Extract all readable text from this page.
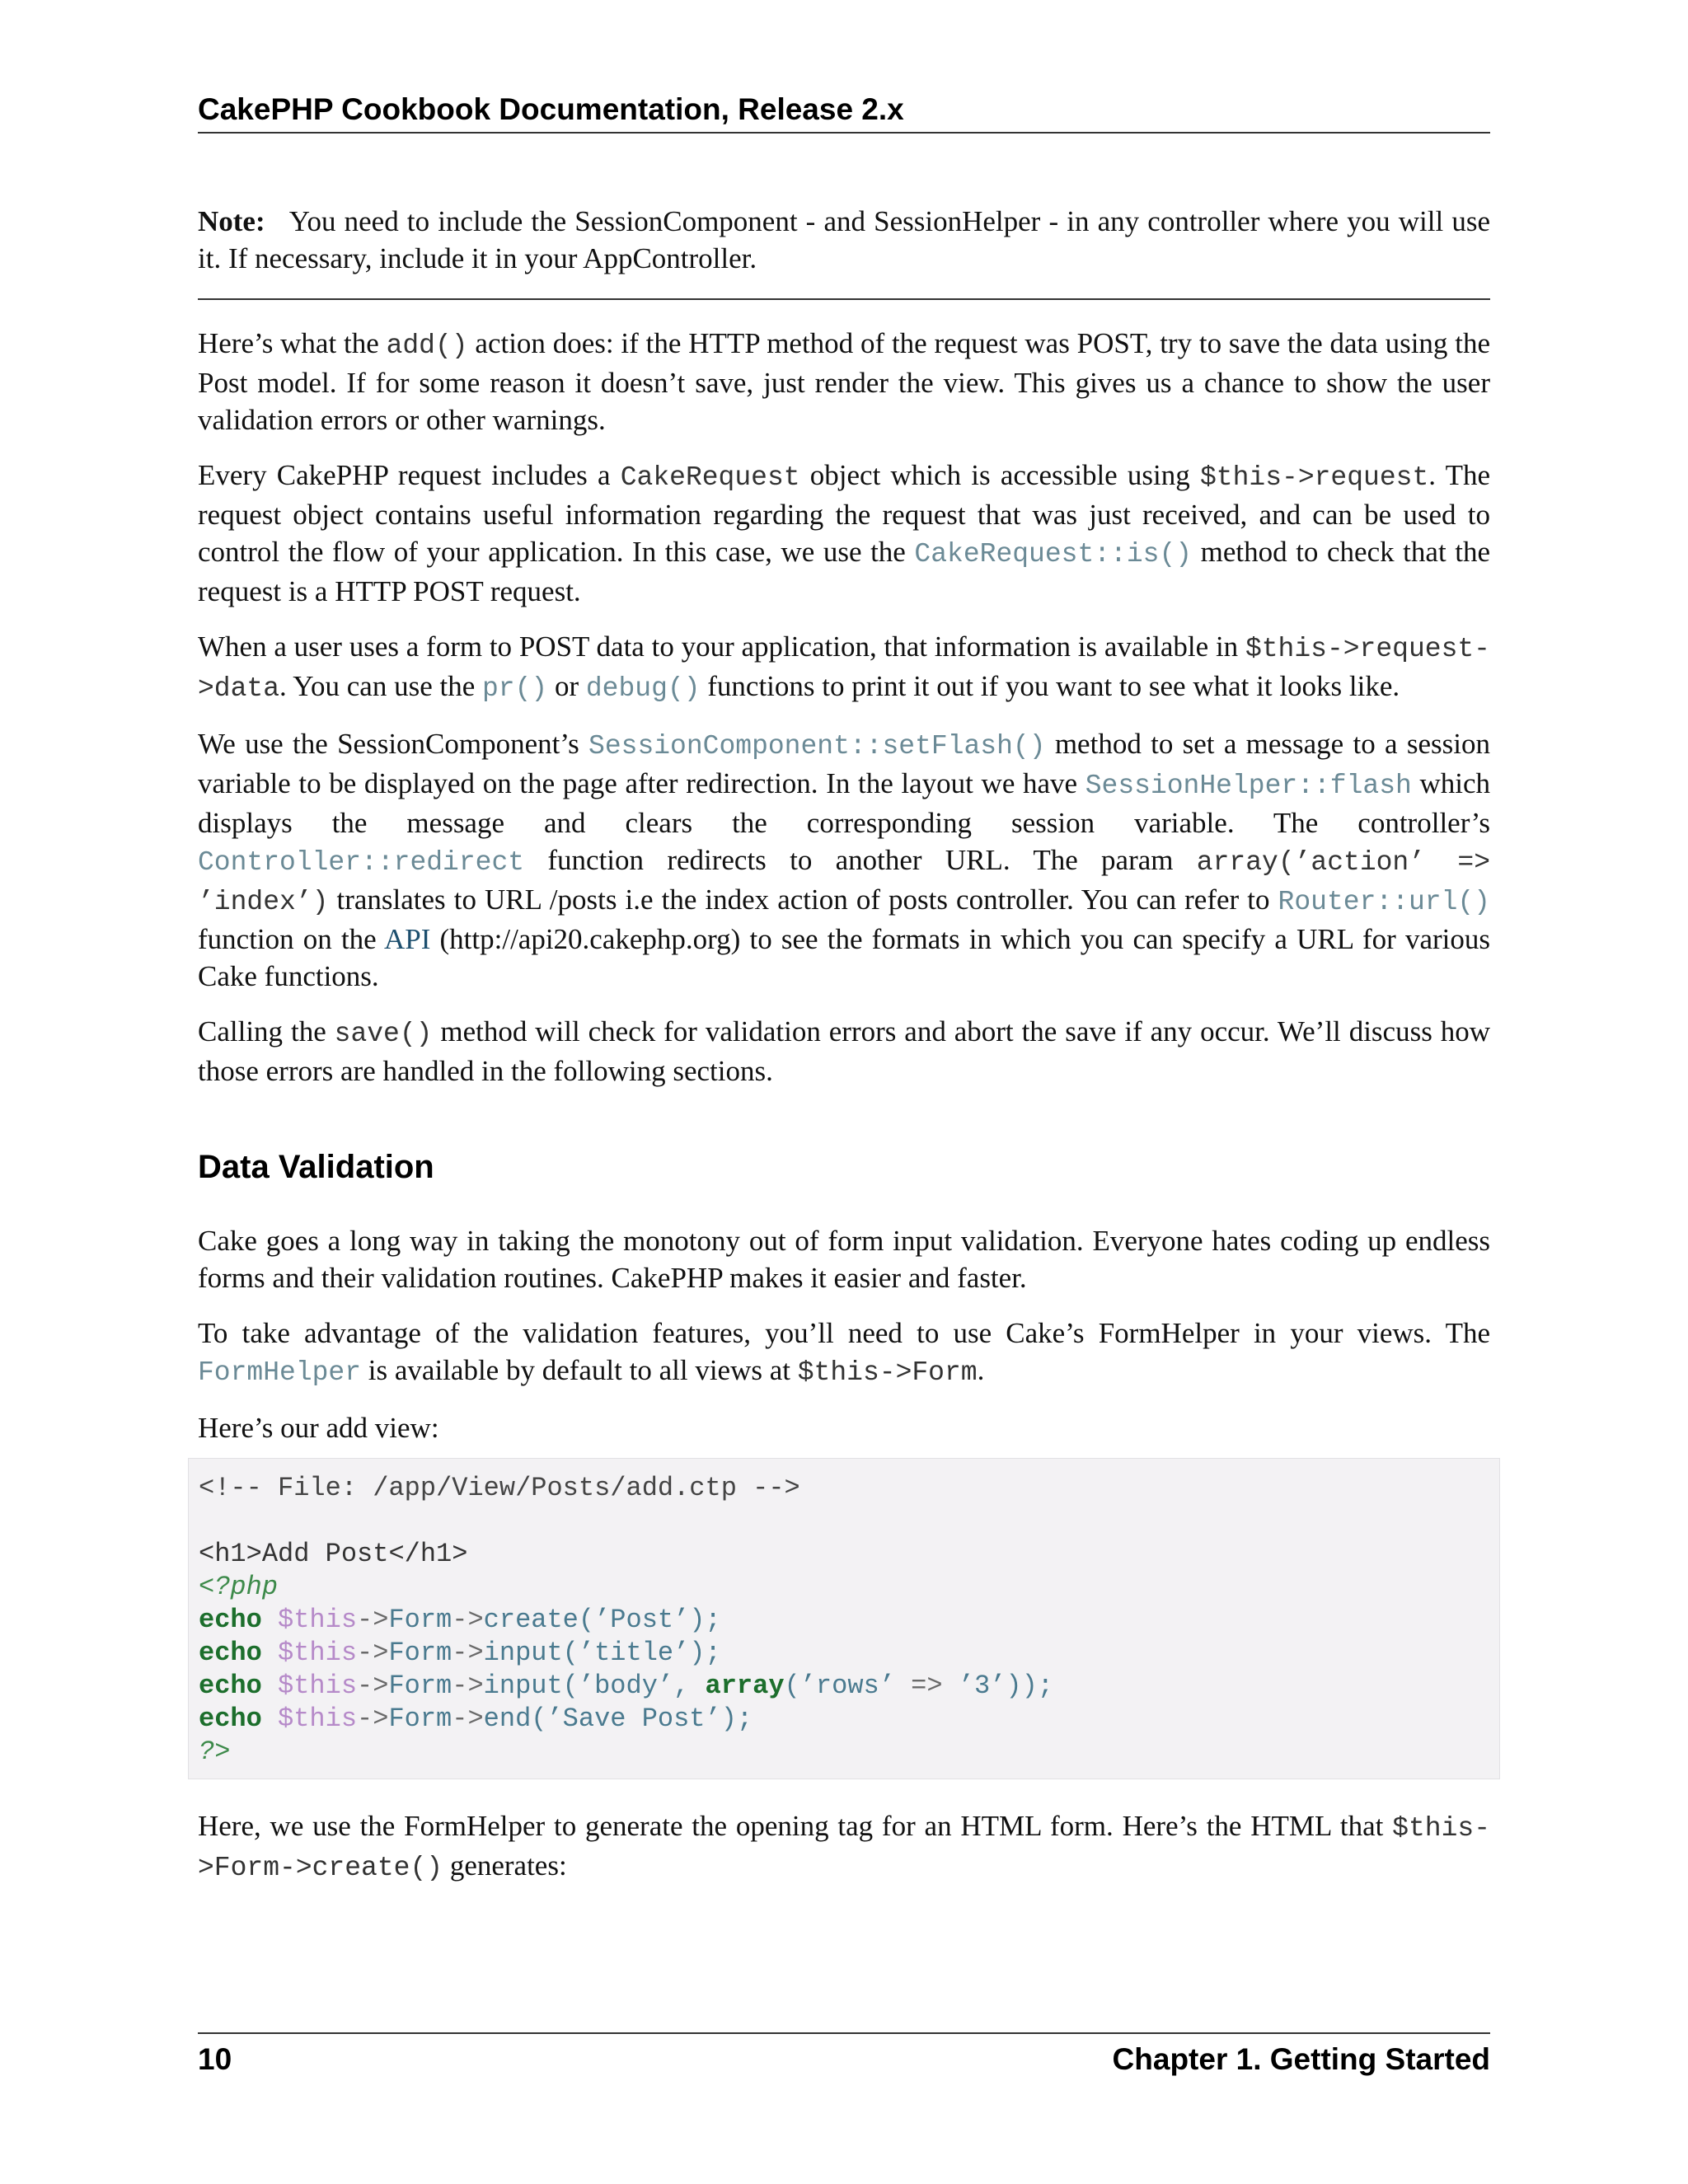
CakePHP Cookbook Documentation, Release 2.x

Note: You need to include the SessionComponent - and SessionHelper - in any controller where you will use it. If necessary, include it in your AppController.

Here’s what the add() action does: if the HTTP method of the request was POST, try to save the data using the Post model. If for some reason it doesn’t save, just render the view. This gives us a chance to show the user validation errors or other warnings.

Every CakePHP request includes a CakeRequest object which is accessible using $this->request. The request object contains useful information regarding the request that was just received, and can be used to control the flow of your application. In this case, we use the CakeRequest::is() method to check that the request is a HTTP POST request.

When a user uses a form to POST data to your application, that information is available in $this->request->data. You can use the pr() or debug() functions to print it out if you want to see what it looks like.

We use the SessionComponent’s SessionComponent::setFlash() method to set a message to a session variable to be displayed on the page after redirection. In the layout we have SessionHelper::flash which displays the message and clears the corresponding session variable. The controller’s Controller::redirect function redirects to another URL. The param array(’action’ => ’index’) translates to URL /posts i.e the index action of posts controller. You can refer to Router::url() function on the API (http://api20.cakephp.org) to see the formats in which you can specify a URL for various Cake functions.

Calling the save() method will check for validation errors and abort the save if any occur. We’ll discuss how those errors are handled in the following sections.

Data Validation

Cake goes a long way in taking the monotony out of form input validation. Everyone hates coding up endless forms and their validation routines. CakePHP makes it easier and faster.

To take advantage of the validation features, you’ll need to use Cake’s FormHelper in your views. The FormHelper is available by default to all views at $this->Form.

Here’s our add view:

<!-- File: /app/View/Posts/add.ctp -->

<h1>Add Post</h1>
<?php
echo $this->Form->create(’Post’);
echo $this->Form->input(’title’);
echo $this->Form->input(’body’, array(’rows’ => ’3’));
echo $this->Form->end(’Save Post’);
?>

Here, we use the FormHelper to generate the opening tag for an HTML form. Here’s the HTML that $this->Form->create() generates:

10	Chapter 1. Getting Started
